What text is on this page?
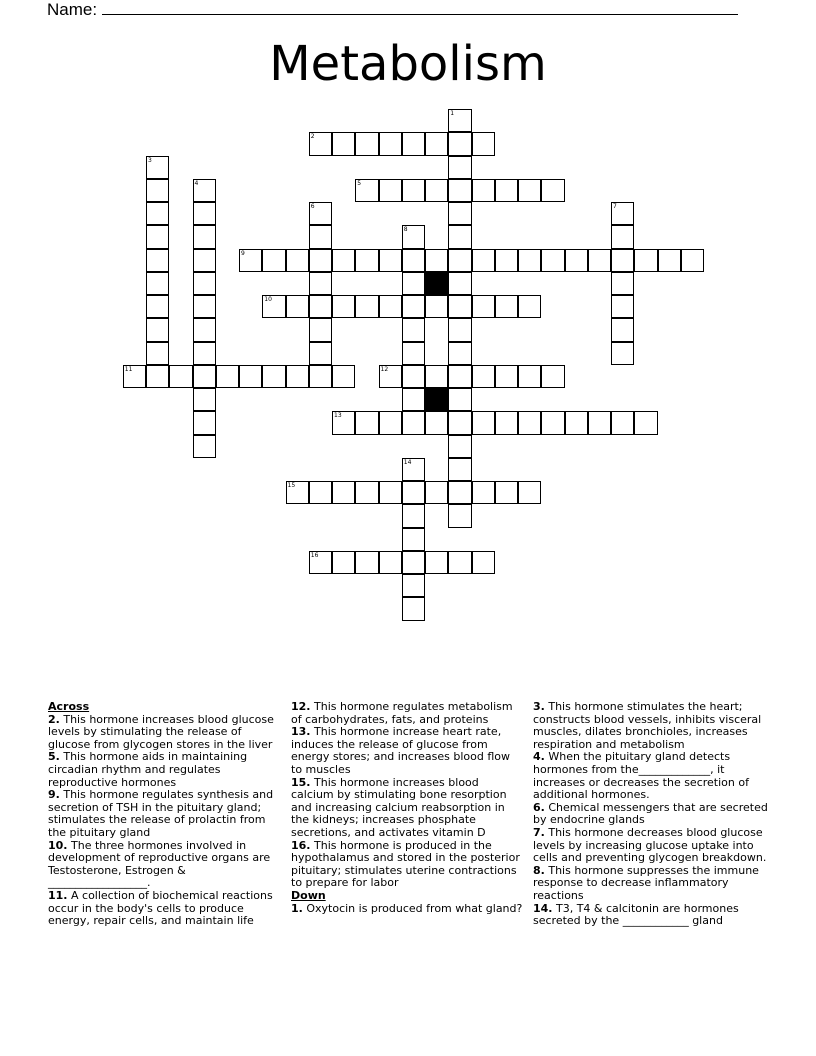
Name:
Metabolism
2
5
9
10
11	12
13
15
16
1
3
4
6	7
8
14
Across

2. This hormone increases blood glucose levels by stimulating the release of glucose from glycogen stores in the liver

5. This hormone aids in maintaining circadian rhythm and regulates reproductive hormones

9. This hormone regulates synthesis and secretion of TSH in the pituitary gland; stimulates the release of prolactin from the pituitary gland

10. The three hormones involved in development of reproductive organs are Testosterone, Estrogen & __________________.

11. A collection of biochemical reactions occur in the body's cells to produce energy, repair cells, and maintain life

12. This hormone regulates metabolism of carbohydrates, fats, and proteins

13. This hormone increase heart rate, induces the release of glucose from energy stores; and increases blood flow to muscles

15. This hormone increases blood calcium by stimulating bone resorption and increasing calcium reabsorption in the kidneys; increases phosphate secretions, and activates vitamin D

16. This hormone is produced in the hypothalamus and stored in the posterior pituitary; stimulates uterine contractions to prepare for labor

Down

1. Oxytocin is produced from what gland?

3. This hormone stimulates the heart; constructs blood vessels, inhibits visceral muscles, dilates bronchioles, increases respiration and metabolism

4. When the pituitary gland detects hormones from the_____________, it increases or decreases the secretion of additional hormones.

6. Chemical messengers that are secreted by endocrine glands

7. This hormone decreases blood glucose levels by increasing glucose uptake into cells and preventing glycogen breakdown.

8. This hormone suppresses the immune response to decrease inflammatory reactions

14. T3, T4 & calcitonin are hormones secreted by the ____________ gland
